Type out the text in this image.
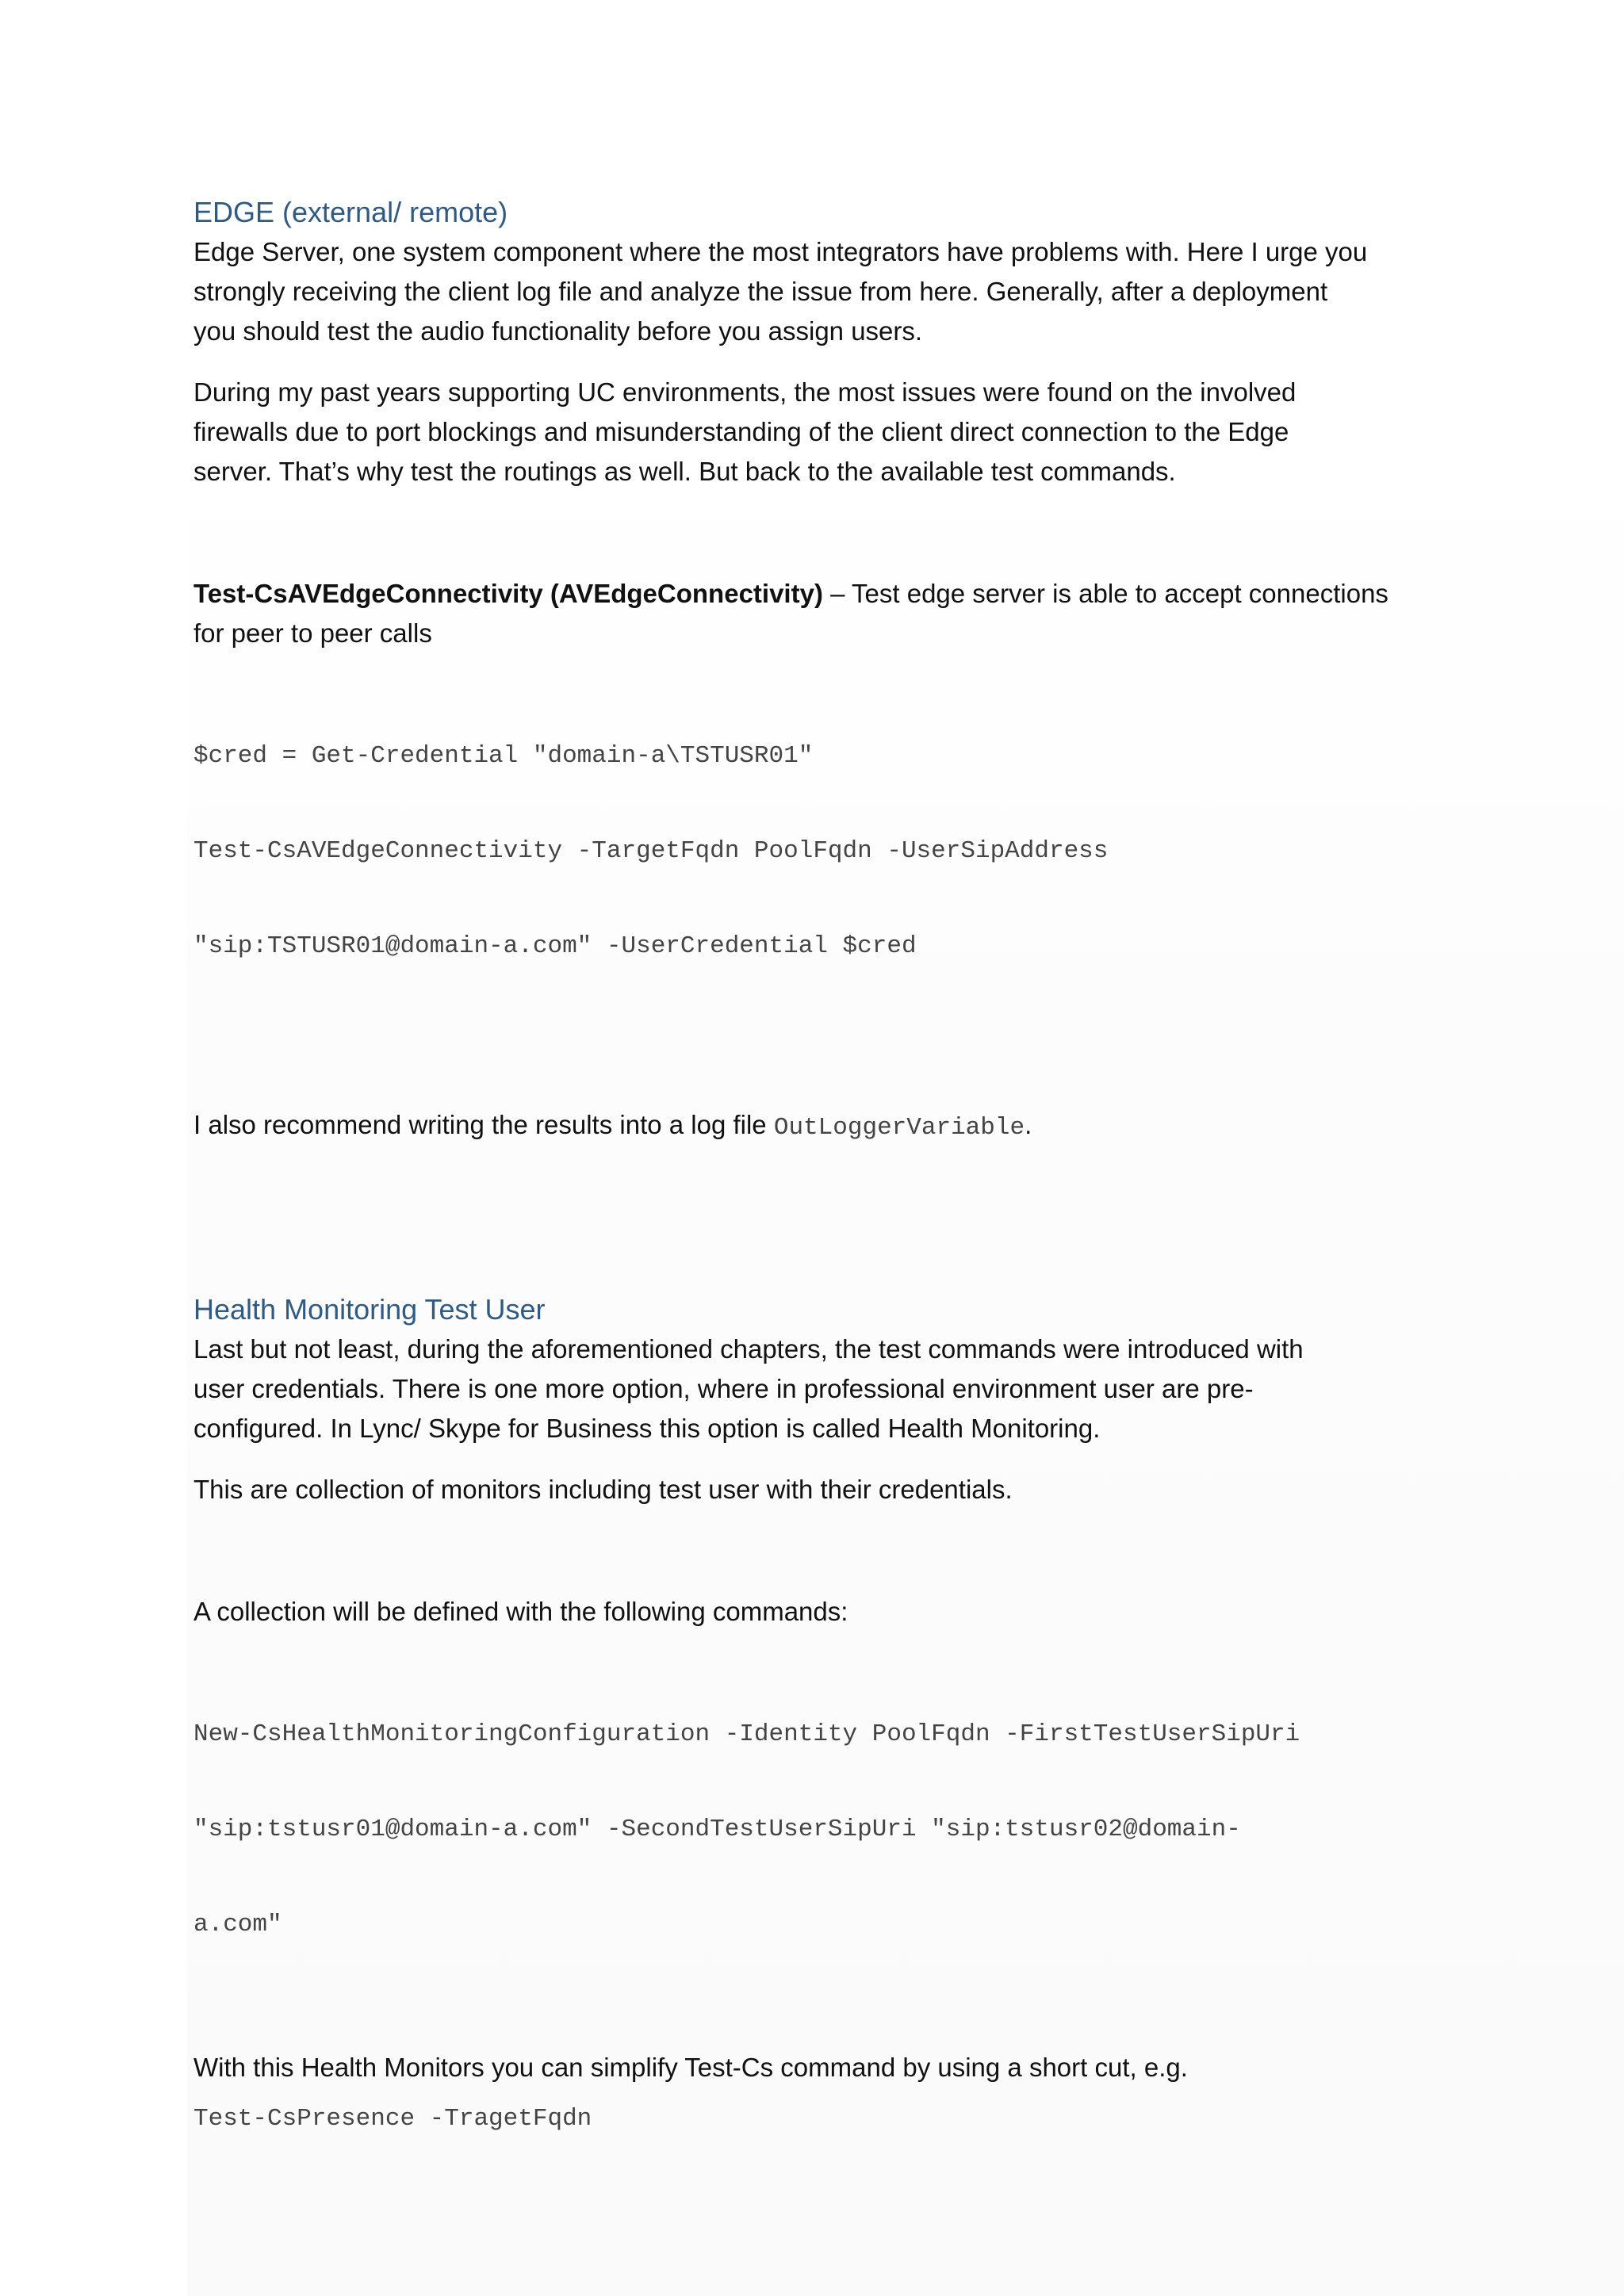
EDGE (external/ remote)

Edge Server, one system component where the most integrators have problems with. Here I urge you
strongly receiving the client log file and analyze the issue from here. Generally, after a deployment
you should test the audio functionality before you assign users.

During my past years supporting UC environments, the most issues were found on the involved
firewalls due to port blockings and misunderstanding of the client direct connection to the Edge
server. That’s why test the routings as well. But back to the available test commands.

Test-CsAVEdgeConnectivity (AVEdgeConnectivity) – Test edge server is able to accept connections
for peer to peer calls

$cred = Get-Credential "domain-a\TSTUSR01"

Test-CsAVEdgeConnectivity -TargetFqdn PoolFqdn -UserSipAddress

"sip:TSTUSR01@domain-a.com" -UserCredential $cred

I also recommend writing the results into a log file OutLoggerVariable.

Health Monitoring Test User

Last but not least, during the aforementioned chapters, the test commands were introduced with
user credentials. There is one more option, where in professional environment user are pre-
configured. In Lync/ Skype for Business this option is called Health Monitoring.

This are collection of monitors including test user with their credentials.

A collection will be defined with the following commands:

New-CsHealthMonitoringConfiguration -Identity PoolFqdn -FirstTestUserSipUri

"sip:tstusr01@domain-a.com" -SecondTestUserSipUri "sip:tstusr02@domain-

a.com"

With this Health Monitors you can simplify Test-Cs command by using a short cut, e.g.

Test-CsPresence -TragetFqdn
